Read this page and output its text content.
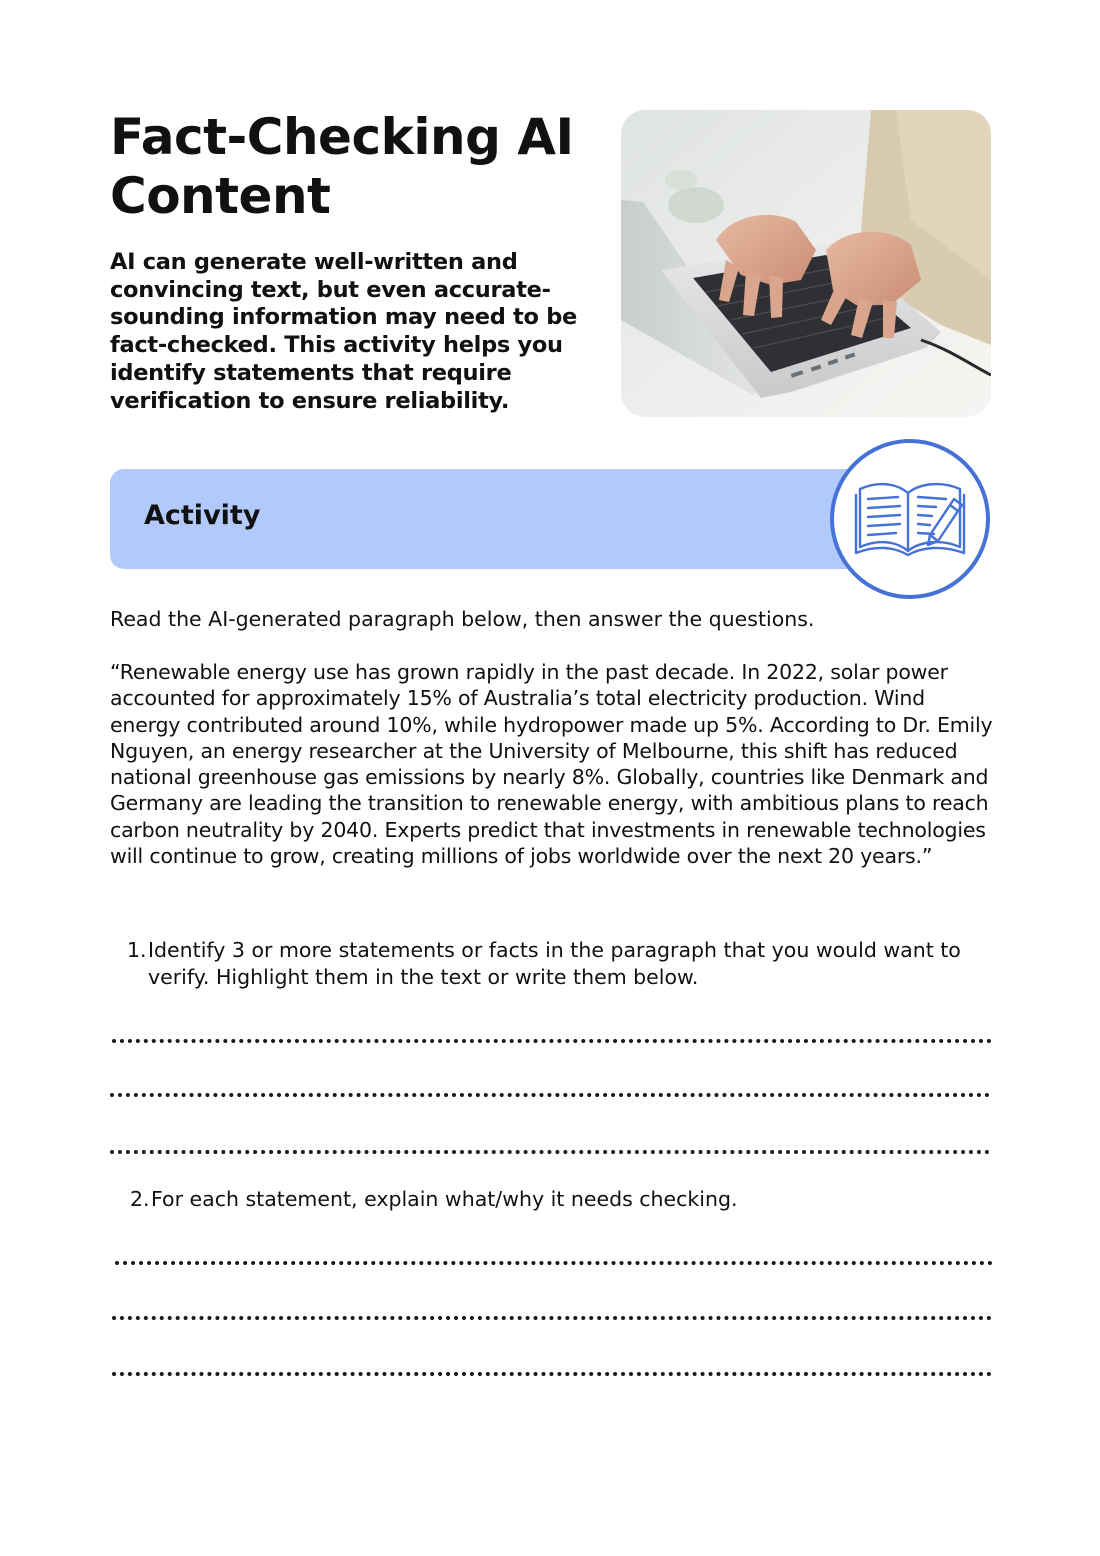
Fact-Checking AI Content

AI can generate well-written and convincing text, but even accurate-sounding information may need to be fact-checked. This activity helps you identify statements that require verification to ensure reliability.

Activity

Read the AI-generated paragraph below, then answer the questions.

“Renewable energy use has grown rapidly in the past decade. In 2022, solar power accounted for approximately 15% of Australia’s total electricity production. Wind energy contributed around 10%, while hydropower made up 5%. According to Dr. Emily Nguyen, an energy researcher at the University of Melbourne, this shift has reduced national greenhouse gas emissions by nearly 8%. Globally, countries like Denmark and Germany are leading the transition to renewable energy, with ambitious plans to reach carbon neutrality by 2040. Experts predict that investments in renewable technologies will continue to grow, creating millions of jobs worldwide over the next 20 years.”

1. Identify 3 or more statements or facts in the paragraph that you would want to verify. Highlight them in the text or write them below.
2. For each statement, explain what/why it needs checking.
